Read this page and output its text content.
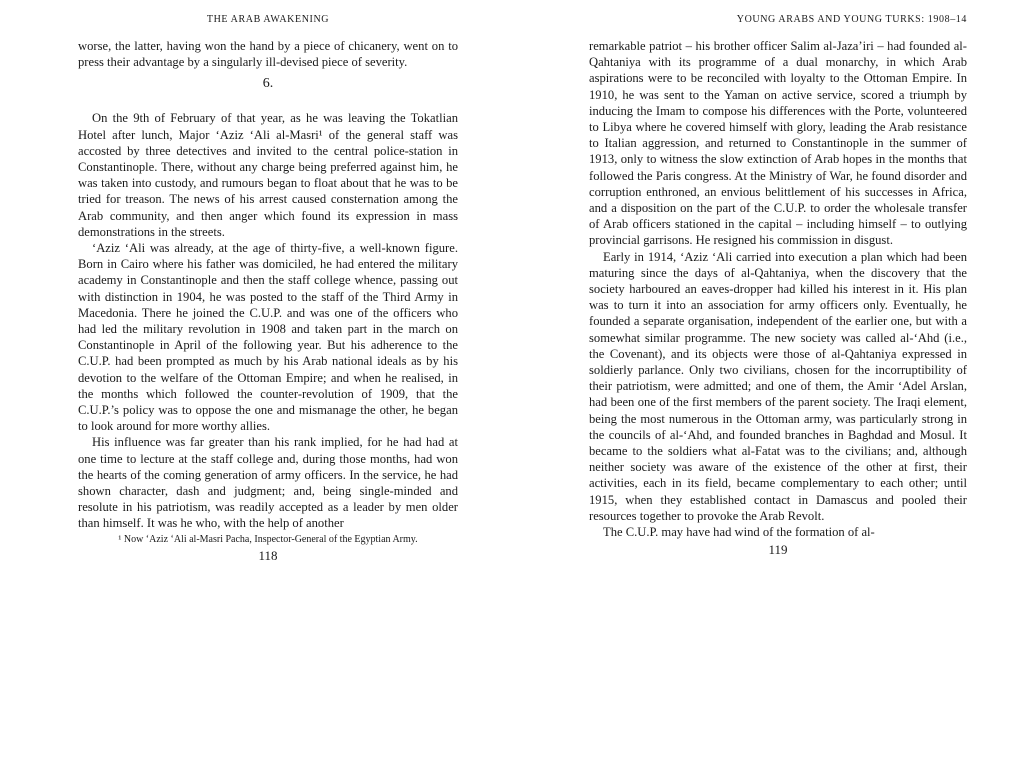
THE ARAB AWAKENING

worse, the latter, having won the hand by a piece of chicanery, went on to press their advantage by a singularly ill-devised piece of severity.

6.

On the 9th of February of that year, as he was leaving the Tokatlian Hotel after lunch, Major ‘Aziz ‘Ali al-Masri¹ of the general staff was accosted by three detectives and invited to the central police-station in Constantinople. There, without any charge being preferred against him, he was taken into custody, and rumours began to float about that he was to be tried for treason. The news of his arrest caused consternation among the Arab community, and then anger which found its expression in mass demonstrations in the streets.

‘Aziz ‘Ali was already, at the age of thirty-five, a well-known figure. Born in Cairo where his father was domiciled, he had entered the military academy in Constantinople and then the staff college whence, passing out with distinction in 1904, he was posted to the staff of the Third Army in Macedonia. There he joined the C.U.P. and was one of the officers who had led the military revolution in 1908 and taken part in the march on Constantinople in April of the following year. But his adherence to the C.U.P. had been prompted as much by his Arab national ideals as by his devotion to the welfare of the Ottoman Empire; and when he realised, in the months which followed the counter-revolution of 1909, that the C.U.P.’s policy was to oppose the one and mismanage the other, he began to look around for more worthy allies.

His influence was far greater than his rank implied, for he had had at one time to lecture at the staff college and, during those months, had won the hearts of the coming generation of army officers. In the service, he had shown character, dash and judgment; and, being single-minded and resolute in his patriotism, was readily accepted as a leader by men older than himself. It was he who, with the help of another

¹ Now ‘Aziz ‘Ali al-Masri Pacha, Inspector-General of the Egyptian Army.
118
YOUNG ARABS AND YOUNG TURKS: 1908–14

remarkable patriot – his brother officer Salim al-Jaza’iri – had founded al-Qahtaniya with its programme of a dual monarchy, in which Arab aspirations were to be reconciled with loyalty to the Ottoman Empire. In 1910, he was sent to the Yaman on active service, scored a triumph by inducing the Imam to compose his differences with the Porte, volunteered to Libya where he covered himself with glory, leading the Arab resistance to Italian aggression, and returned to Constantinople in the summer of 1913, only to witness the slow extinction of Arab hopes in the months that followed the Paris congress. At the Ministry of War, he found disorder and corruption enthroned, an envious belittlement of his successes in Africa, and a disposition on the part of the C.U.P. to order the wholesale transfer of Arab officers stationed in the capital – including himself – to outlying provincial garrisons. He resigned his commission in disgust.

Early in 1914, ‘Aziz ‘Ali carried into execution a plan which had been maturing since the days of al-Qahtaniya, when the discovery that the society harboured an eaves-dropper had killed his interest in it. His plan was to turn it into an association for army officers only. Eventually, he founded a separate organisation, independent of the earlier one, but with a somewhat similar programme. The new society was called al-‘Ahd (i.e., the Covenant), and its objects were those of al-Qahtaniya expressed in soldierly parlance. Only two civilians, chosen for the incorruptibility of their patriotism, were admitted; and one of them, the Amir ‘Adel Arslan, had been one of the first members of the parent society. The Iraqi element, being the most numerous in the Ottoman army, was particularly strong in the councils of al-‘Ahd, and founded branches in Baghdad and Mosul. It became to the soldiers what al-Fatat was to the civilians; and, although neither society was aware of the existence of the other at first, their activities, each in its field, became complementary to each other; until 1915, when they established contact in Damascus and pooled their resources together to provoke the Arab Revolt.

The C.U.P. may have had wind of the formation of al-

119
